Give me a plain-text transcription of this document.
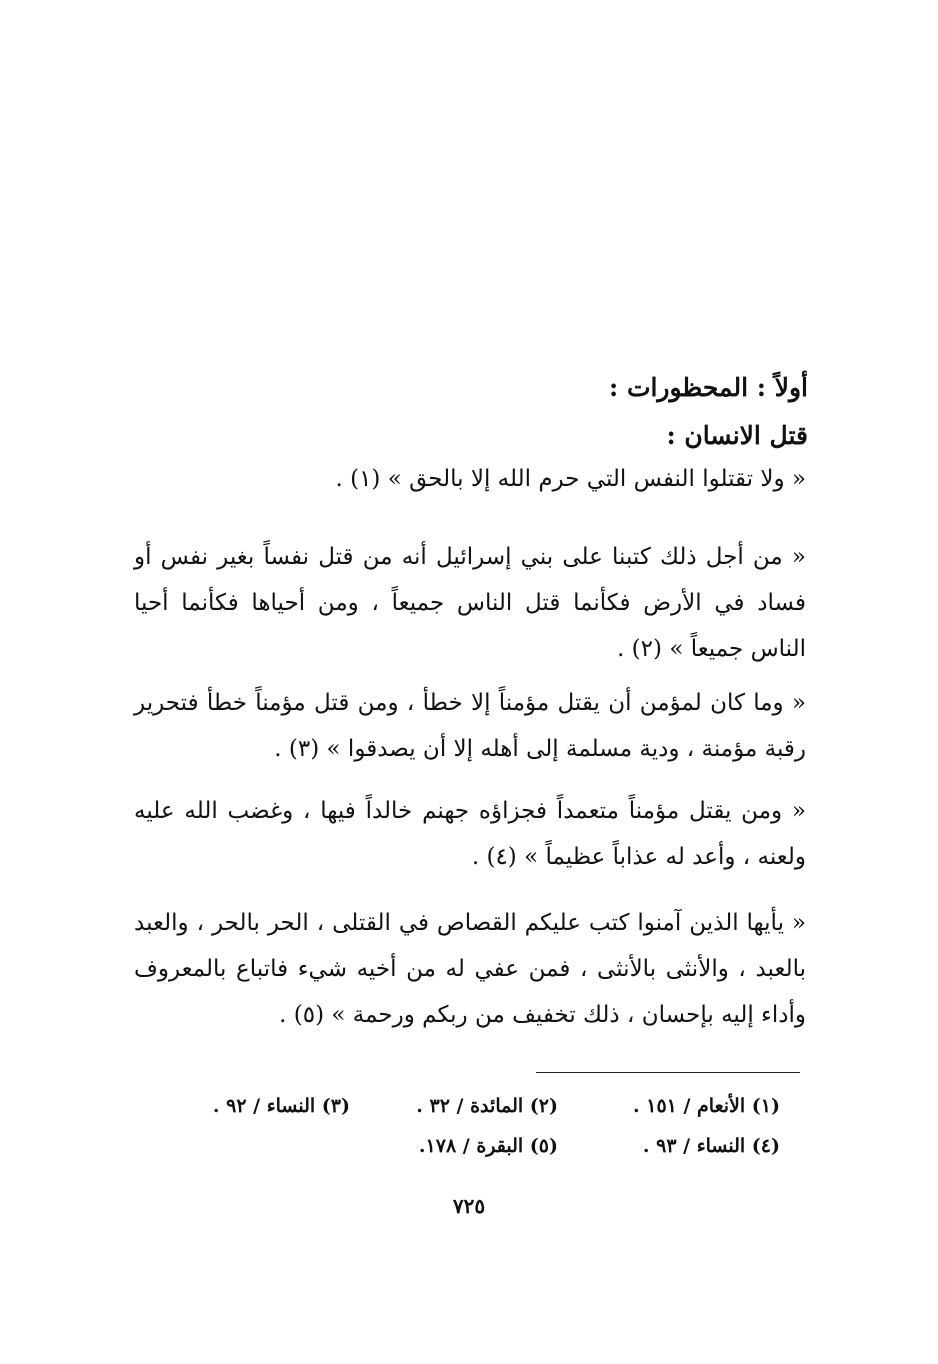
أولاً : المحظورات :
قتل الانسان :

« ولا تقتلوا النفس التي حرم الله إلا بالحق » (١) .

« من أجل ذلك كتبنا على بني إسرائيل أنه من قتل نفساً بغير نفس أو فساد في الأرض فكأنما قتل الناس جميعاً ، ومن أحياها فكأنما أحيا الناس جميعاً » (٢) .

« وما كان لمؤمن أن يقتل مؤمناً إلا خطأ ، ومن قتل مؤمناً خطأ فتحرير رقبة مؤمنة ، ودية مسلمة إلى أهله إلا أن يصدقوا » (٣) .

« ومن يقتل مؤمناً متعمداً فجزاؤه جهنم خالداً فيها ، وغضب الله عليه ولعنه ، وأعد له عذاباً عظيماً » (٤) .

« يأيها الذين آمنوا كتب عليكم القصاص في القتلى ، الحر بالحر ، والعبد بالعبد ، والأنثى بالأنثى ، فمن عفي له من أخيه شيء فاتباع بالمعروف وأداء إليه بإحسان ، ذلك تخفيف من ربكم ورحمة » (٥) .

(١) الأنعام / ١٥١ .
(٢) المائدة / ٣٢ .
(٣) النساء / ٩٢ .
(٤) النساء / ٩٣ .
(٥) البقرة / ١٧٨.
٧٢٥
